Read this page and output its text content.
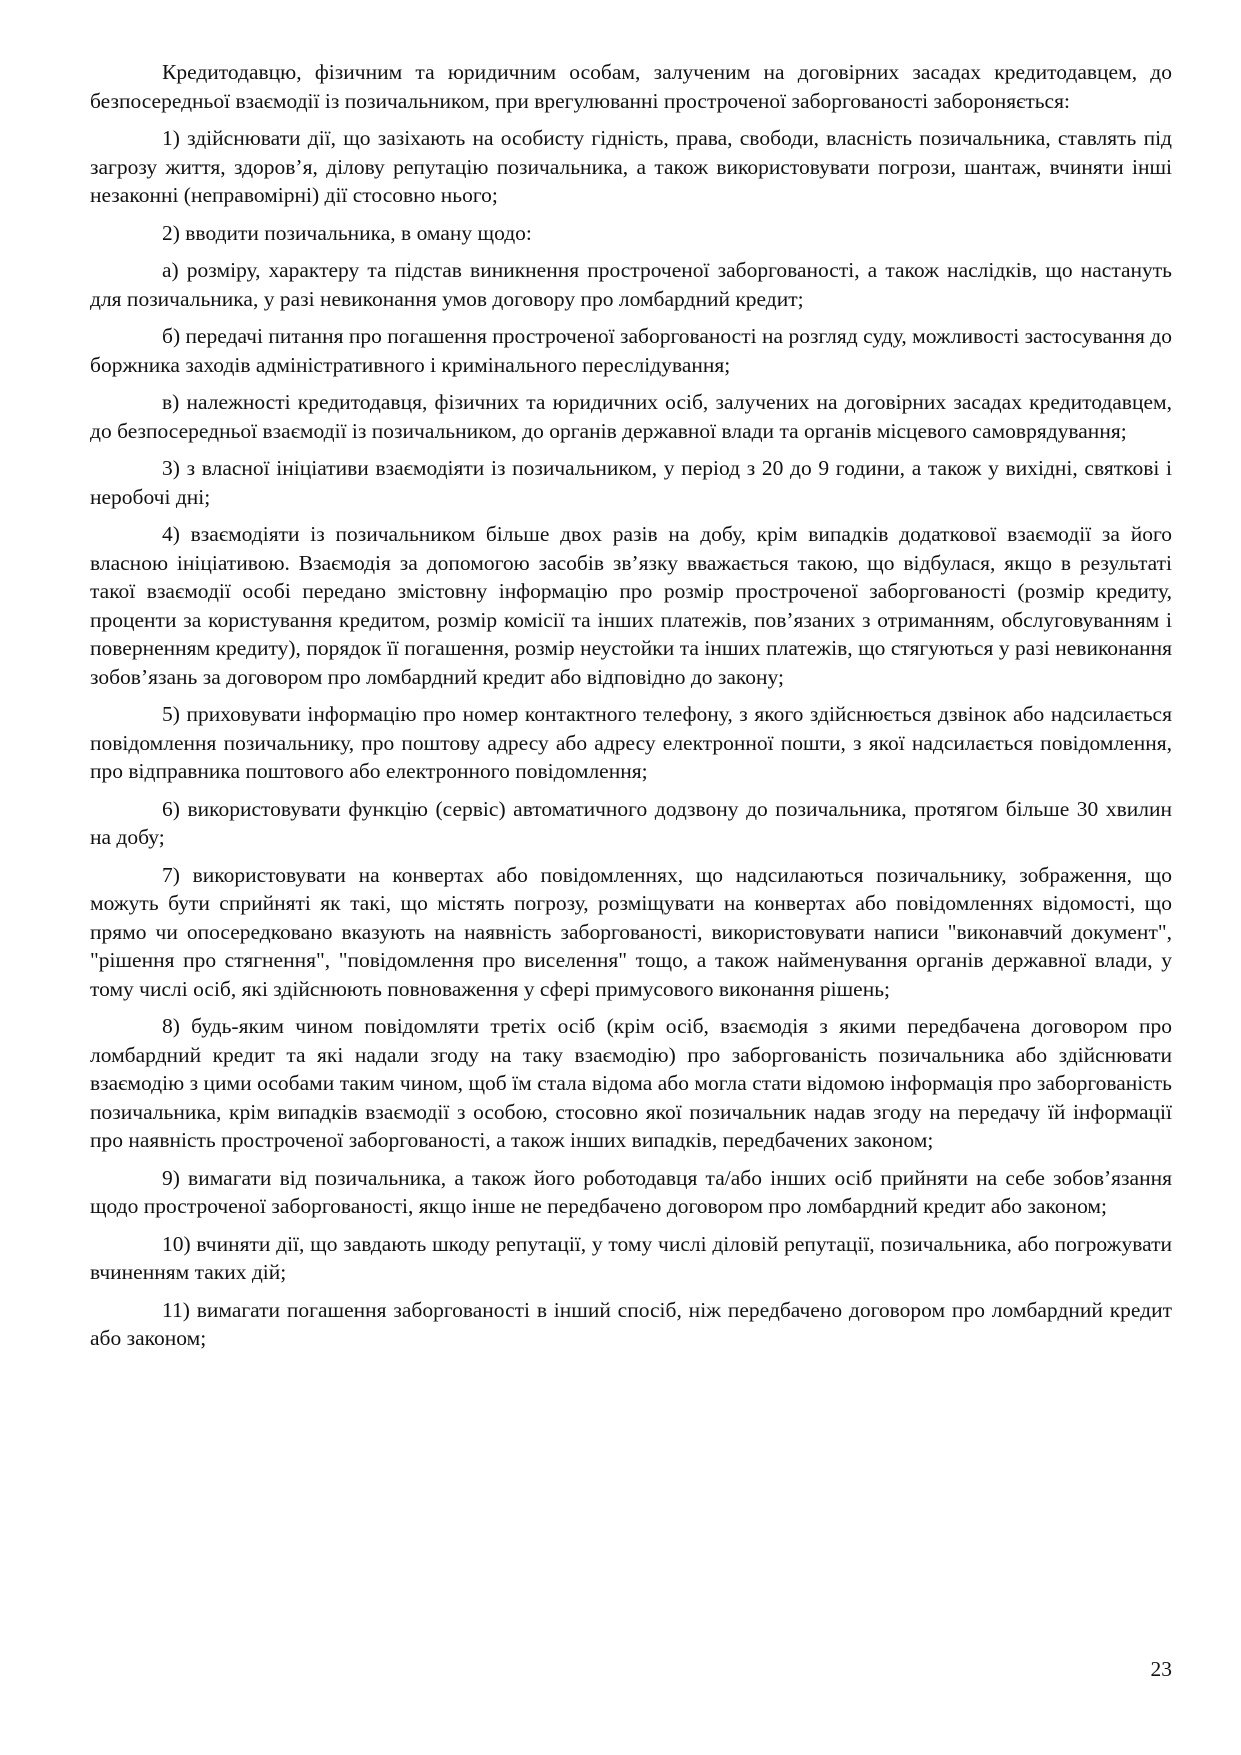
Кредитодавцю, фізичним та юридичним особам, залученим на договірних засадах кредитодавцем, до безпосередньої взаємодії із позичальником, при врегулюванні простроченої заборгованості забороняється:

1) здійснювати дії, що зазіхають на особисту гідність, права, свободи, власність позичальника, ставлять під загрозу життя, здоров’я, ділову репутацію позичальника, а також використовувати погрози, шантаж, вчиняти інші незаконні (неправомірні) дії стосовно нього;

2) вводити позичальника, в оману щодо:

а) розміру, характеру та підстав виникнення простроченої заборгованості, а також наслідків, що настануть для позичальника, у разі невиконання умов договору про ломбардний кредит;

б) передачі питання про погашення простроченої заборгованості на розгляд суду, можливості застосування до боржника заходів адміністративного і кримінального переслідування;

в) належності кредитодавця, фізичних та юридичних осіб, залучених на договірних засадах кредитодавцем, до безпосередньої взаємодії із позичальником, до органів державної влади та органів місцевого самоврядування;

3) з власної ініціативи взаємодіяти із позичальником, у період з 20 до 9 години, а також у вихідні, святкові і неробочі дні;

4) взаємодіяти із позичальником більше двох разів на добу, крім випадків додаткової взаємодії за його власною ініціативою. Взаємодія за допомогою засобів зв’язку вважається такою, що відбулася, якщо в результаті такої взаємодії особі передано змістовну інформацію про розмір простроченої заборгованості (розмір кредиту, проценти за користування кредитом, розмір комісії та інших платежів, пов’язаних з отриманням, обслуговуванням і поверненням кредиту), порядок її погашення, розмір неустойки та інших платежів, що стягуються у разі невиконання зобов’язань за договором про ломбардний кредит або відповідно до закону;

5) приховувати інформацію про номер контактного телефону, з якого здійснюється дзвінок або надсилається повідомлення позичальнику, про поштову адресу або адресу електронної пошти, з якої надсилається повідомлення, про відправника поштового або електронного повідомлення;

6) використовувати функцію (сервіс) автоматичного додзвону до позичальника, протягом більше 30 хвилин на добу;

7) використовувати на конвертах або повідомленнях, що надсилаються позичальнику, зображення, що можуть бути сприйняті як такі, що містять погрозу, розміщувати на конвертах або повідомленнях відомості, що прямо чи опосередковано вказують на наявність заборгованості, використовувати написи "виконавчий документ", "рішення про стягнення", "повідомлення про виселення" тощо, а також найменування органів державної влади, у тому числі осіб, які здійснюють повноваження у сфері примусового виконання рішень;

8) будь-яким чином повідомляти третіх осіб (крім осіб, взаємодія з якими передбачена договором про ломбардний кредит та які надали згоду на таку взаємодію) про заборгованість позичальника або здійснювати взаємодію з цими особами таким чином, щоб їм стала відома або могла стати відомою інформація про заборгованість позичальника, крім випадків взаємодії з особою, стосовно якої позичальник надав згоду на передачу їй інформації про наявність простроченої заборгованості, а також інших випадків, передбачених законом;

9) вимагати від позичальника, а також його роботодавця та/або інших осіб прийняти на себе зобов’язання щодо простроченої заборгованості, якщо інше не передбачено договором про ломбардний кредит або законом;

10) вчиняти дії, що завдають шкоду репутації, у тому числі діловій репутації, позичальника, або погрожувати вчиненням таких дій;

11) вимагати погашення заборгованості в інший спосіб, ніж передбачено договором про ломбардний кредит або законом;

23
